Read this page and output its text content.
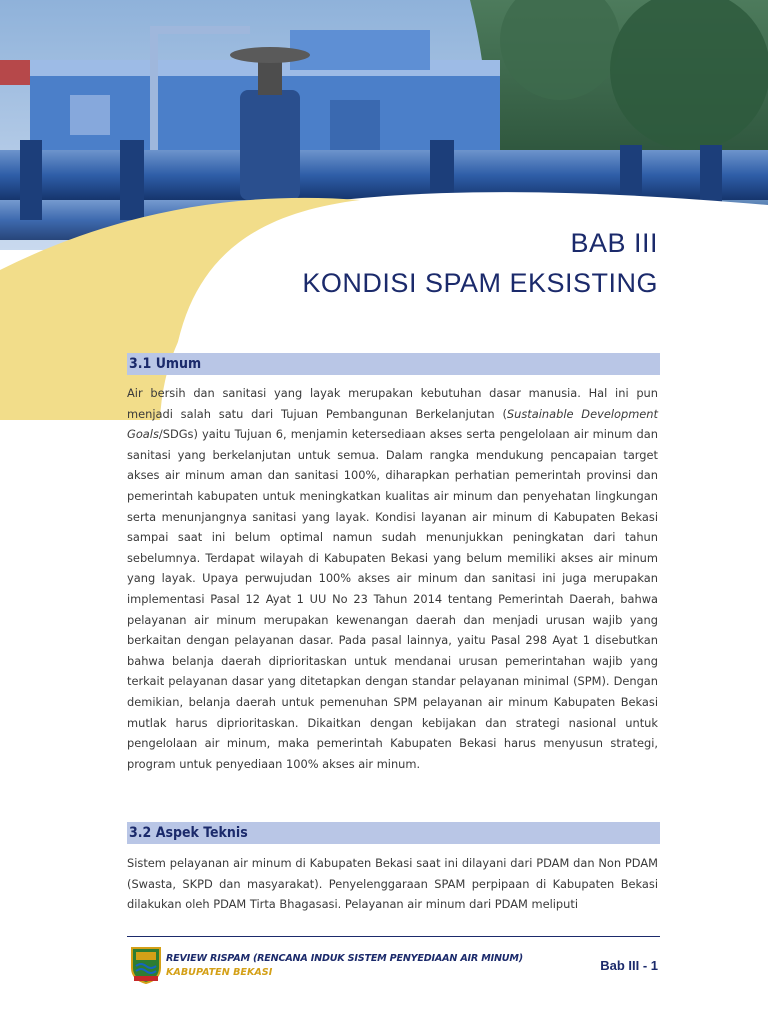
BAB III
KONDISI SPAM EKSISTING
3.1 Umum

Air bersih dan sanitasi yang layak merupakan kebutuhan dasar manusia. Hal ini pun menjadi salah satu dari Tujuan Pembangunan Berkelanjutan (Sustainable Development Goals/SDGs) yaitu Tujuan 6, menjamin ketersediaan akses serta pengelolaan air minum dan sanitasi yang berkelanjutan untuk semua. Dalam rangka mendukung pencapaian target akses air minum aman dan sanitasi 100%, diharapkan perhatian pemerintah provinsi dan pemerintah kabupaten untuk meningkatkan kualitas air minum dan penyehatan lingkungan serta menunjangnya sanitasi yang layak. Kondisi layanan air minum di Kabupaten Bekasi sampai saat ini belum optimal namun sudah menunjukkan peningkatan dari tahun sebelumnya. Terdapat wilayah di Kabupaten Bekasi yang belum memiliki akses air minum yang layak. Upaya perwujudan 100% akses air minum dan sanitasi ini juga merupakan implementasi Pasal 12 Ayat 1 UU No 23 Tahun 2014 tentang Pemerintah Daerah, bahwa pelayanan air minum merupakan kewenangan daerah dan menjadi urusan wajib yang berkaitan dengan pelayanan dasar. Pada pasal lainnya, yaitu Pasal 298 Ayat 1 disebutkan bahwa belanja daerah diprioritaskan untuk mendanai urusan pemerintahan wajib yang terkait pelayanan dasar yang ditetapkan dengan standar pelayanan minimal (SPM). Dengan demikian, belanja daerah untuk pemenuhan SPM pelayanan air minum Kabupaten Bekasi mutlak harus diprioritaskan. Dikaitkan dengan kebijakan dan strategi nasional untuk pengelolaan air minum, maka pemerintah Kabupaten Bekasi harus menyusun strategi, program untuk penyediaan 100% akses air minum.

3.2 Aspek Teknis

Sistem pelayanan air minum di Kabupaten Bekasi saat ini dilayani dari PDAM dan Non PDAM (Swasta, SKPD dan masyarakat). Penyelenggaraan SPAM perpipaan di Kabupaten Bekasi dilakukan oleh PDAM Tirta Bhagasasi. Pelayanan air minum dari PDAM meliputi

REVIEW RISPAM (RENCANA INDUK SISTEM PENYEDIAAN AIR MINUM)
KABUPATEN BEKASI	Bab III - 1
